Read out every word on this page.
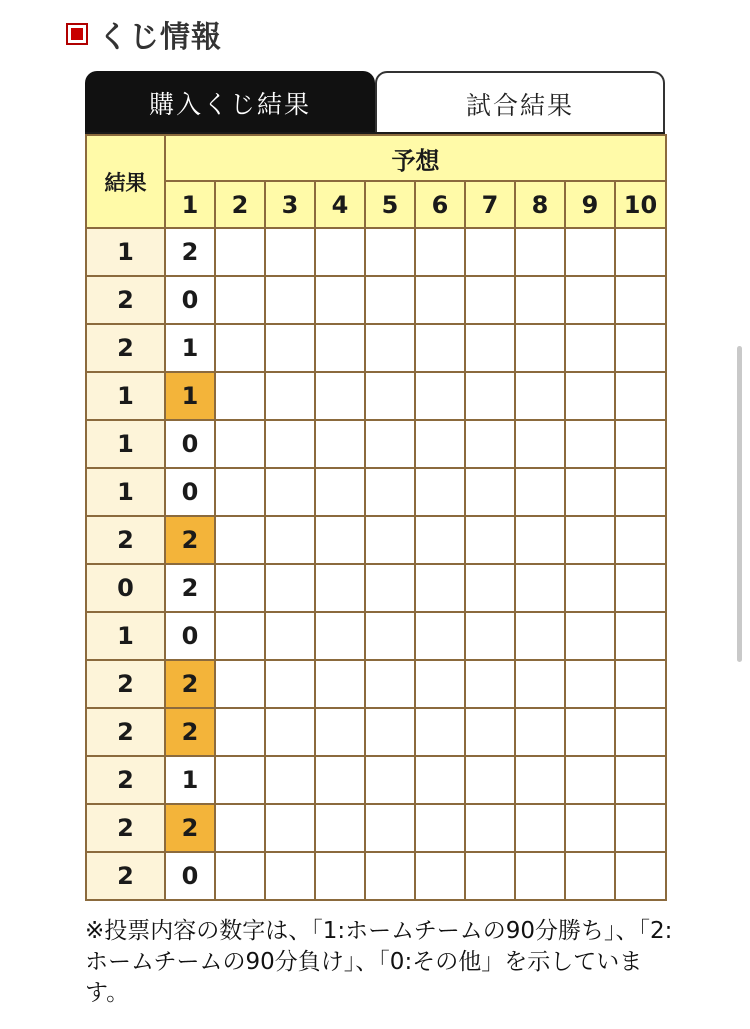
くじ情報
購入くじ結果	試合結果
結果	予想									
	1	2	3	4	5	6	7	8	9	10
1	2									
2	0									
2	1									
1	1									
1	0									
1	0									
2	2									
0	2									
1	0									
2	2									
2	2									
2	1									
2	2									
2	0									
※投票内容の数字は、「1:ホームチームの90分勝ち」、「2:ホームチームの90分負け」、「0:その他」を示しています。
